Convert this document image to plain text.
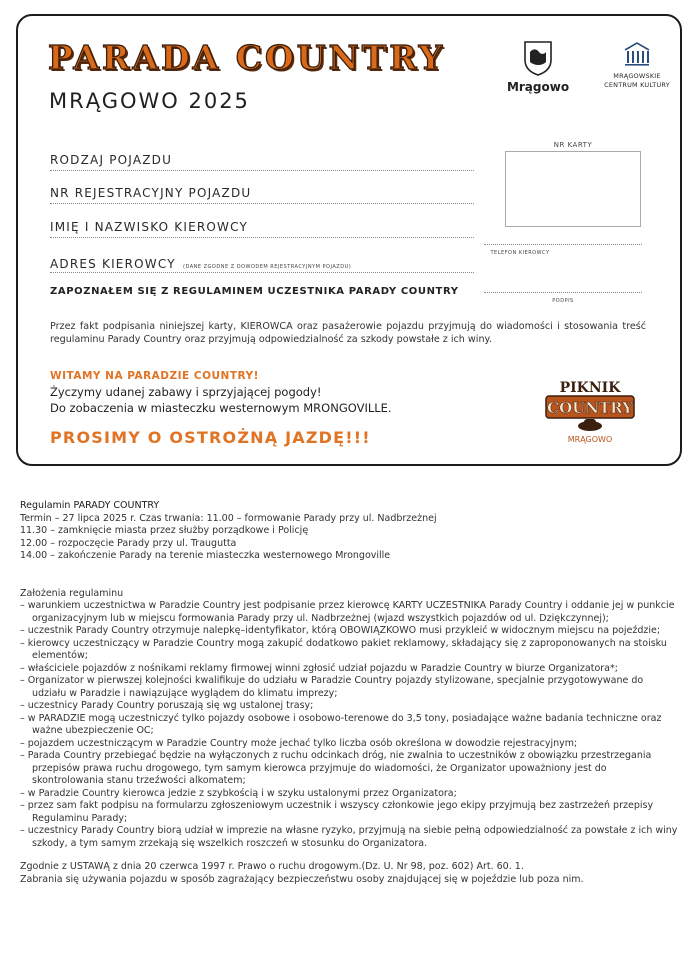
PARADA COUNTRY
MRĄGOWO 2025
Mrągowo
MRĄGOWSKIE
CENTRUM KULTURY
RODZAJ POJAZDU
NR REJESTRACYJNY POJAZDU
IMIĘ I NAZWISKO KIEROWCY
ADRES KIEROWCY (DANE ZGODNE Z DOWODEM REJESTRACYJNYM POJAZDU)
NR KARTY
TELEFON KIEROWCY
PODPIS
ZAPOZNAŁEM SIĘ Z REGULAMINEM UCZESTNIKA PARADY COUNTRY
Przez fakt podpisania niniejszej karty, KIEROWCA oraz pasażerowie pojazdu przyjmują do wiadomości i stosowania treść regulaminu Parady Country oraz przyjmują odpowiedzialność za szkody powstałe z ich winy.
WITAMY NA PARADZIE COUNTRY!
Życzymy udanej zabawy i sprzyjającej pogody!
Do zobaczenia w miasteczku westernowym MRONGOVILLE.
PROSIMY O OSTROŻNĄ JAZDĘ!!!
PIKNIK
COUNTRY
MRĄGOWO
Regulamin PARADY COUNTRY
Termin – 27 lipca 2025 r. Czas trwania: 11.00 – formowanie Parady przy ul. Nadbrzeżnej
11.30 – zamknięcie miasta przez służby porządkowe i Policję
12.00 – rozpoczęcie Parady przy ul. Traugutta
14.00 – zakończenie Parady na terenie miasteczka westernowego Mrongoville
Założenia regulaminu
– warunkiem uczestnictwa w Paradzie Country jest podpisanie przez kierowcę KARTY UCZESTNIKA Parady Country i oddanie jej w punkcie organizacyjnym lub w miejscu formowania Parady przy ul. Nadbrzeżnej (wjazd wszystkich pojazdów od ul. Dziękczynnej);
– uczestnik Parady Country otrzymuje nalepkę–identyfikator, którą OBOWIĄZKOWO musi przykleić w widocznym miejscu na pojeździe;
– kierowcy uczestniczący w Paradzie Country mogą zakupić dodatkowo pakiet reklamowy, składający się z zaproponowanych na stoisku elementów;
– właściciele pojazdów z nośnikami reklamy firmowej winni zgłosić udział pojazdu w Paradzie Country w biurze Organizatora*;
– Organizator w pierwszej kolejności kwalifikuje do udziału w Paradzie Country pojazdy stylizowane, specjalnie przygotowywane do udziału w Paradzie i nawiązujące wyglądem do klimatu imprezy;
– uczestnicy Parady Country poruszają się wg ustalonej trasy;
– w PARADZIE mogą uczestniczyć tylko pojazdy osobowe i osobowo-terenowe do 3,5 tony, posiadające ważne badania techniczne oraz ważne ubezpieczenie OC;
– pojazdem uczestniczącym w Paradzie Country może jechać tylko liczba osób określona w dowodzie rejestracyjnym;
– Parada Country przebiegać będzie na wyłączonych z ruchu odcinkach dróg, nie zwalnia to uczestników z obowiązku przestrzegania przepisów prawa ruchu drogowego, tym samym kierowca przyjmuje do wiadomości, że Organizator upoważniony jest do skontrolowania stanu trzeźwości alkomatem;
– w Paradzie Country kierowca jedzie z szybkością i w szyku ustalonymi przez Organizatora;
– przez sam fakt podpisu na formularzu zgłoszeniowym uczestnik i wszyscy członkowie jego ekipy przyjmują bez zastrzeżeń przepisy Regulaminu Parady;
– uczestnicy Parady Country biorą udział w imprezie na własne ryzyko, przyjmują na siebie pełną odpowiedzialność za powstałe z ich winy szkody, a tym samym zrzekają się wszelkich roszczeń w stosunku do Organizatora.
Zgodnie z USTAWĄ z dnia 20 czerwca 1997 r. Prawo o ruchu drogowym.(Dz. U. Nr 98, poz. 602) Art. 60. 1.
Zabrania się używania pojazdu w sposób zagrażający bezpieczeństwu osoby znajdującej się w pojeździe lub poza nim.
